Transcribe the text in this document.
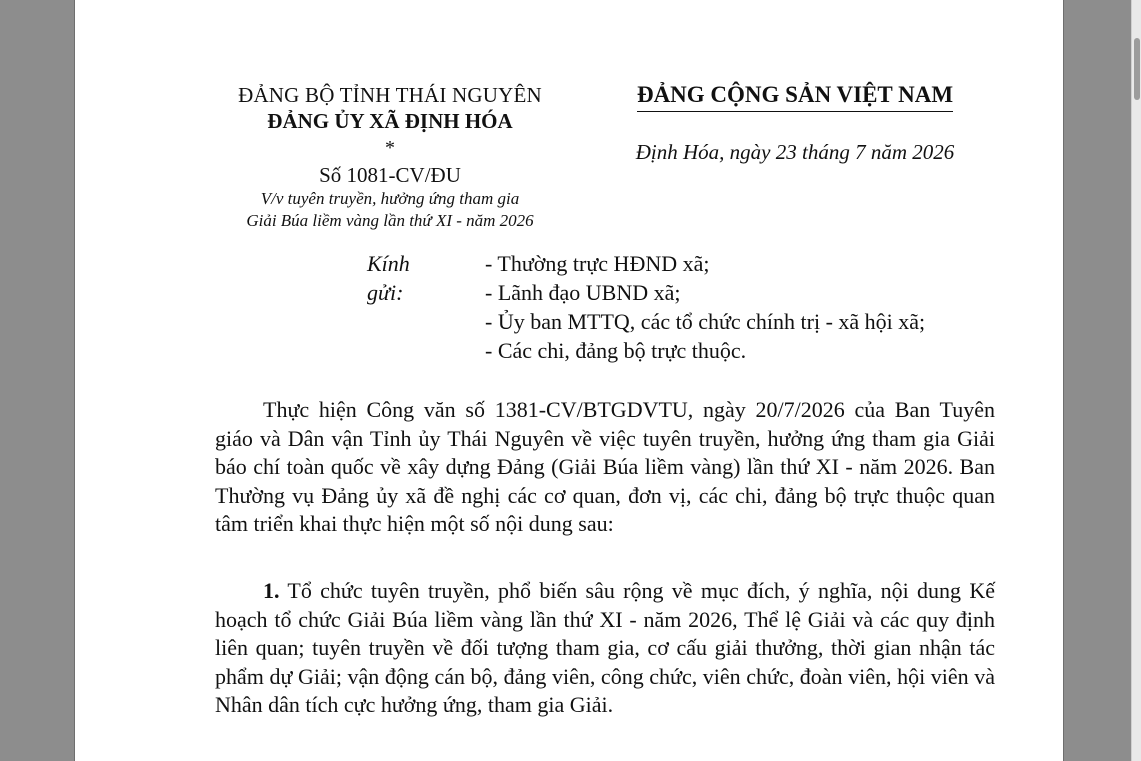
ĐẢNG BỘ TỈNH THÁI NGUYÊN
ĐẢNG ỦY XÃ ĐỊNH HÓA
*
Số 1081-CV/ĐU
V/v tuyên truyền, hưởng ứng tham gia
Giải Búa liềm vàng lần thứ XI - năm 2026
ĐẢNG CỘNG SẢN VIỆT NAM
Định Hóa, ngày 23 tháng 7 năm 2026
Kính gửi:
- Thường trực HĐND xã;
- Lãnh đạo UBND xã;
- Ủy ban MTTQ, các tổ chức chính trị - xã hội xã;
- Các chi, đảng bộ trực thuộc.
Thực hiện Công văn số 1381-CV/BTGDVTU, ngày 20/7/2026 của Ban Tuyên giáo và Dân vận Tỉnh ủy Thái Nguyên về việc tuyên truyền, hưởng ứng tham gia Giải báo chí toàn quốc về xây dựng Đảng (Giải Búa liềm vàng) lần thứ XI - năm 2026. Ban Thường vụ Đảng ủy xã đề nghị các cơ quan, đơn vị, các chi, đảng bộ trực thuộc quan tâm triển khai thực hiện một số nội dung sau:
1. Tổ chức tuyên truyền, phổ biến sâu rộng về mục đích, ý nghĩa, nội dung Kế hoạch tổ chức Giải Búa liềm vàng lần thứ XI - năm 2026, Thể lệ Giải và các quy định liên quan; tuyên truyền về đối tượng tham gia, cơ cấu giải thưởng, thời gian nhận tác phẩm dự Giải; vận động cán bộ, đảng viên, công chức, viên chức, đoàn viên, hội viên và Nhân dân tích cực hưởng ứng, tham gia Giải.
